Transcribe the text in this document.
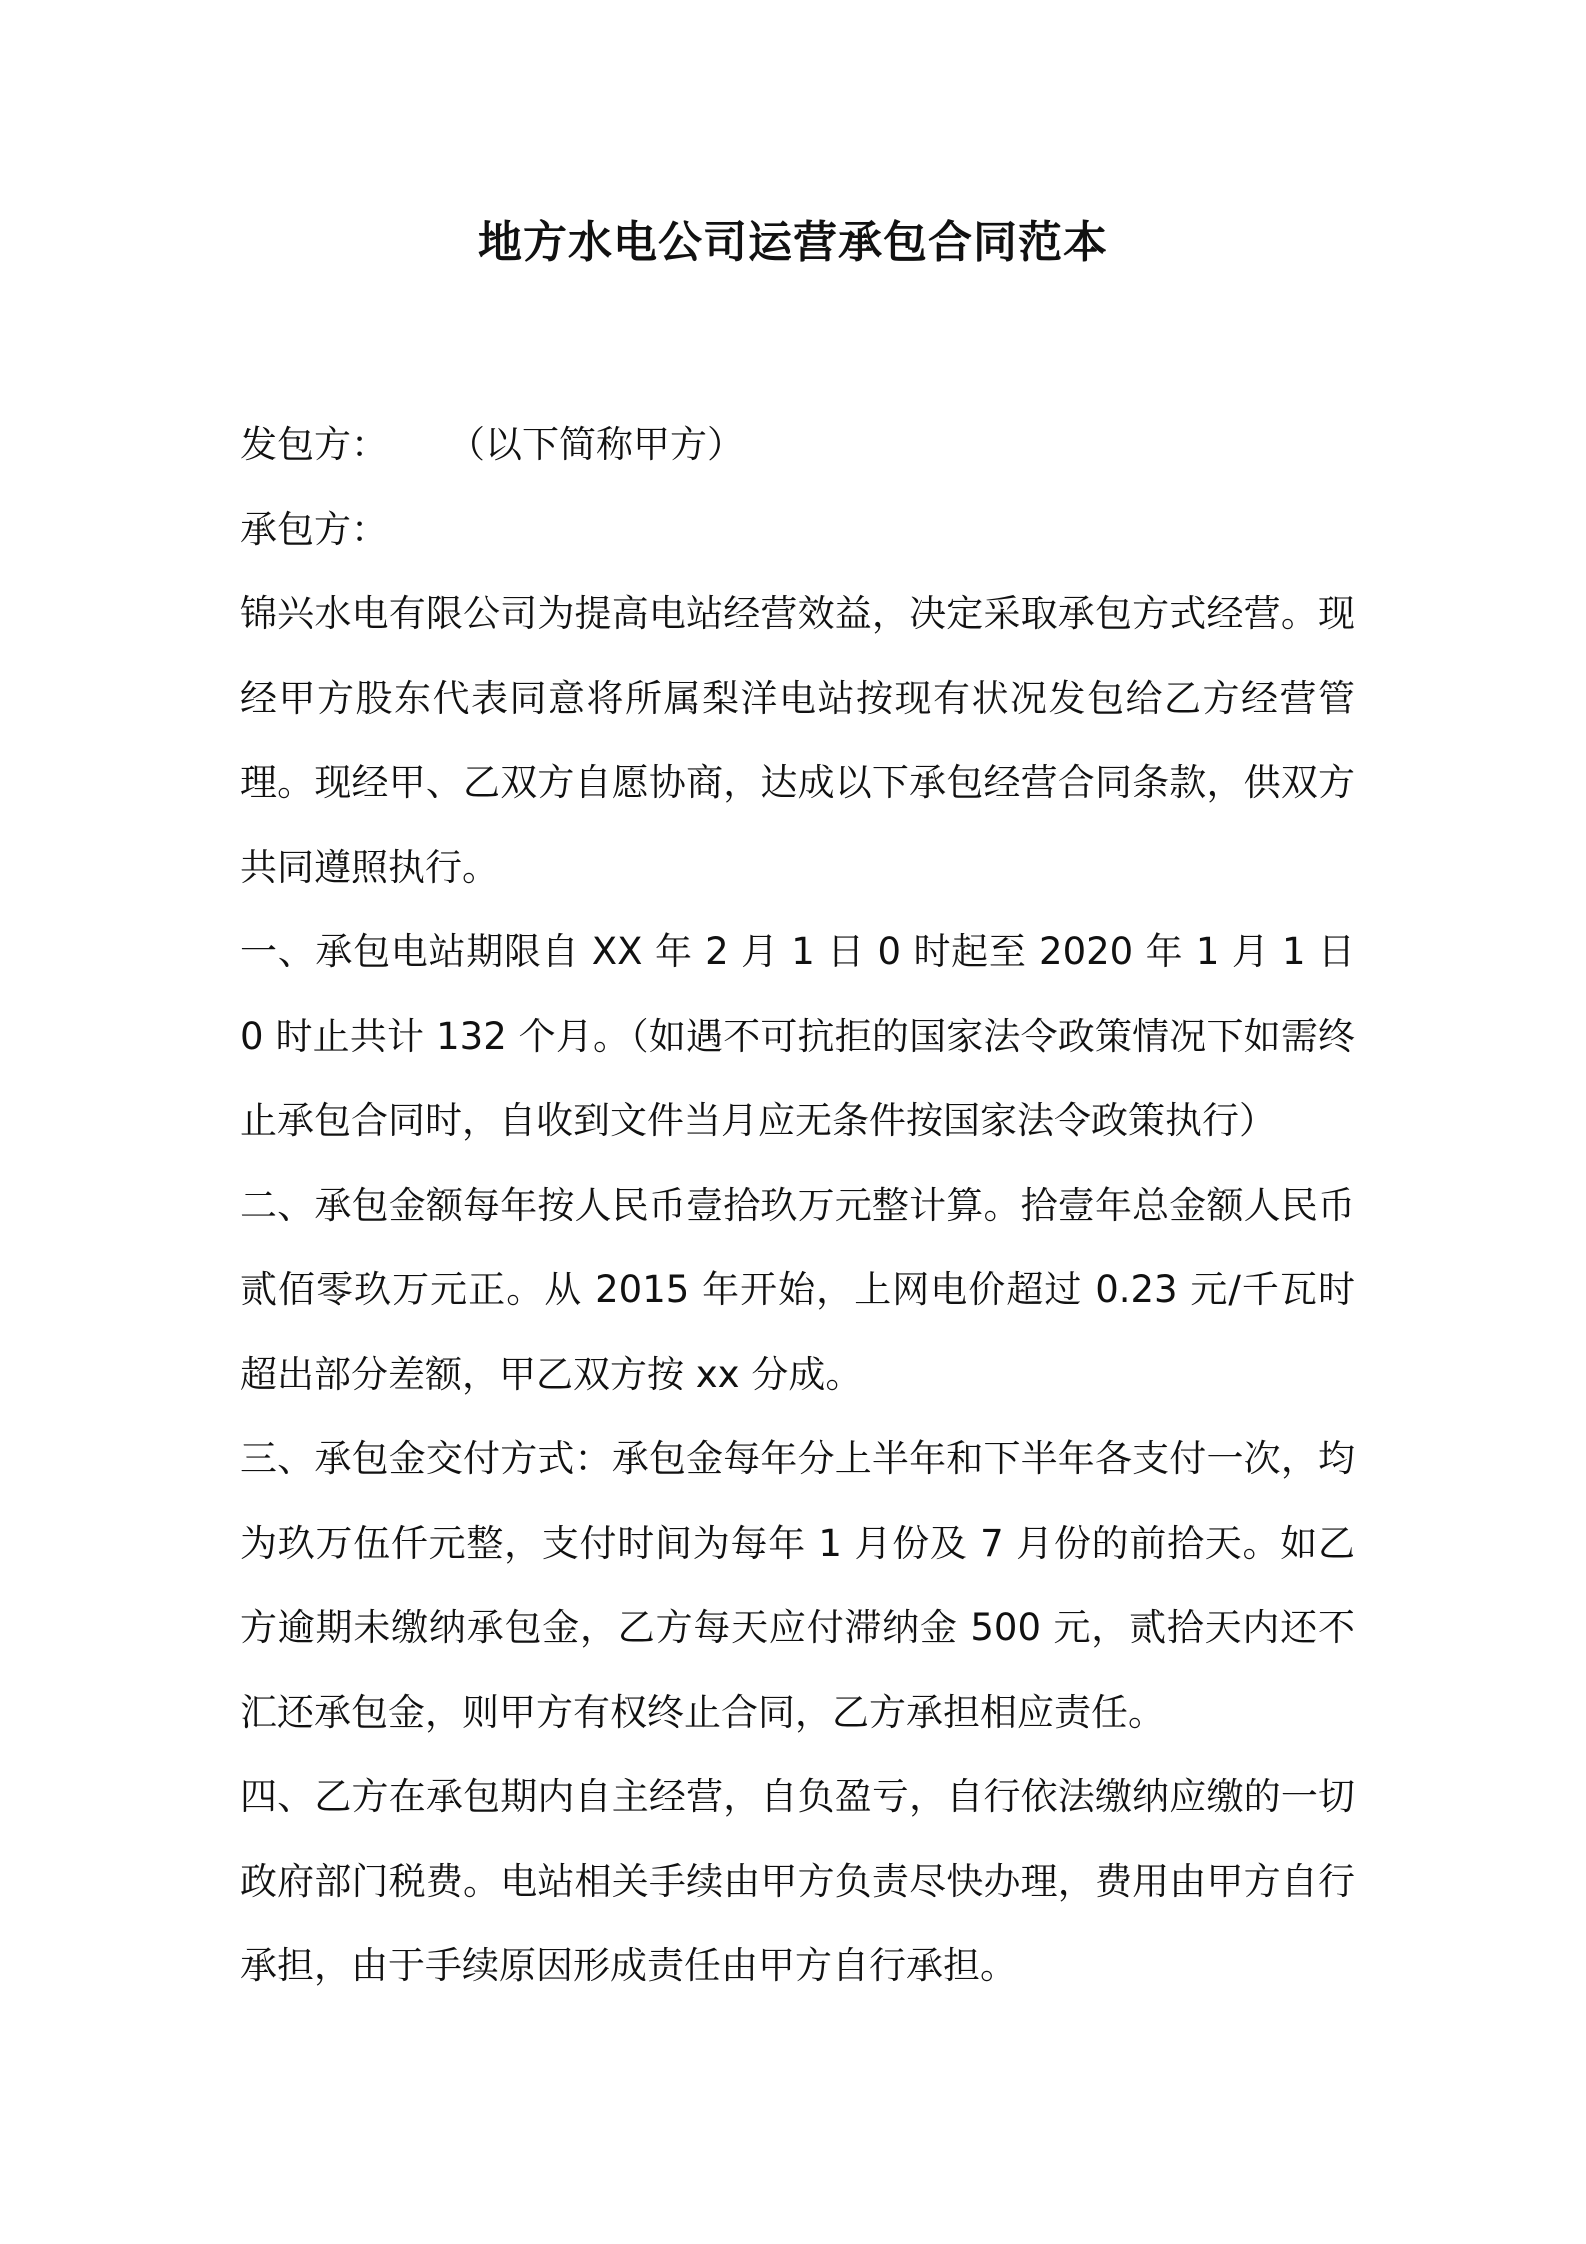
地方水电公司运营承包合同范本

发包方： （以下简称甲方）

承包方：

锦兴水电有限公司为提高电站经营效益，决定采取承包方式经营。现经甲方股东代表同意将所属梨洋电站按现有状况发包给乙方经营管理。现经甲、乙双方自愿协商，达成以下承包经营合同条款，供双方共同遵照执行。

一、承包电站期限自 XX 年 2 月 1 日 0 时起至 2020 年 1 月 1 日 0 时止共计 132 个月。（如遇不可抗拒的国家法令政策情况下如需终止承包合同时，自收到文件当月应无条件按国家法令政策执行）

二、承包金额每年按人民币壹拾玖万元整计算。拾壹年总金额人民币贰佰零玖万元正。从 2015 年开始，上网电价超过 0.23 元/千瓦时超出部分差额，甲乙双方按 xx 分成。

三、承包金交付方式：承包金每年分上半年和下半年各支付一次，均为玖万伍仟元整，支付时间为每年 1 月份及 7 月份的前拾天。如乙方逾期未缴纳承包金，乙方每天应付滞纳金 500 元，贰拾天内还不汇还承包金，则甲方有权终止合同，乙方承担相应责任。

四、乙方在承包期内自主经营，自负盈亏，自行依法缴纳应缴的一切政府部门税费。电站相关手续由甲方负责尽快办理，费用由甲方自行承担，由于手续原因形成责任由甲方自行承担。
